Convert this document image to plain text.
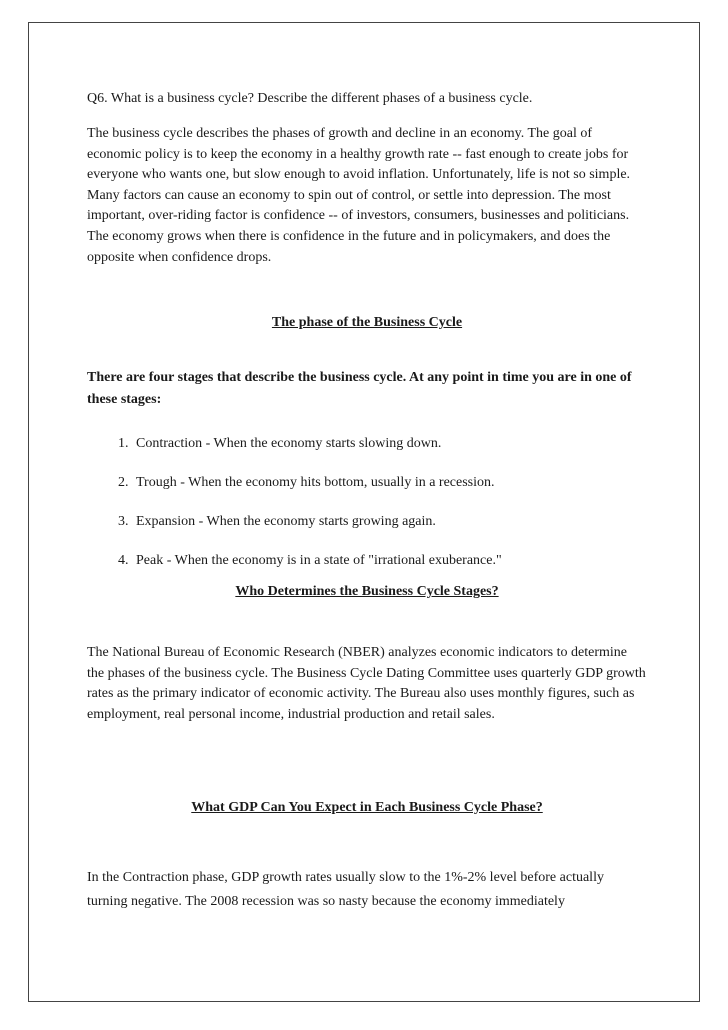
Q6. What is a business cycle? Describe the different phases of a business cycle.

The business cycle describes the phases of growth and decline in an economy. The goal of economic policy is to keep the economy in a healthy growth rate -- fast enough to create jobs for everyone who wants one, but slow enough to avoid inflation. Unfortunately, life is not so simple. Many factors can cause an economy to spin out of control, or settle into depression. The most important, over-riding factor is confidence -- of investors, consumers, businesses and politicians. The economy grows when there is confidence in the future and in policymakers, and does the opposite when confidence drops.

The phase of the Business Cycle

There are four stages that describe the business cycle. At any point in time you are in one of these stages:

1. Contraction - When the economy starts slowing down.
2. Trough - When the economy hits bottom, usually in a recession.
3. Expansion - When the economy starts growing again.
4. Peak - When the economy is in a state of "irrational exuberance."

Who Determines the Business Cycle Stages?

The National Bureau of Economic Research (NBER) analyzes economic indicators to determine the phases of the business cycle. The Business Cycle Dating Committee uses quarterly GDP growth rates as the primary indicator of economic activity. The Bureau also uses monthly figures, such as employment, real personal income, industrial production and retail sales.

What GDP Can You Expect in Each Business Cycle Phase?

In the Contraction phase, GDP growth rates usually slow to the 1%-2% level before actually turning negative. The 2008 recession was so nasty because the economy immediately
